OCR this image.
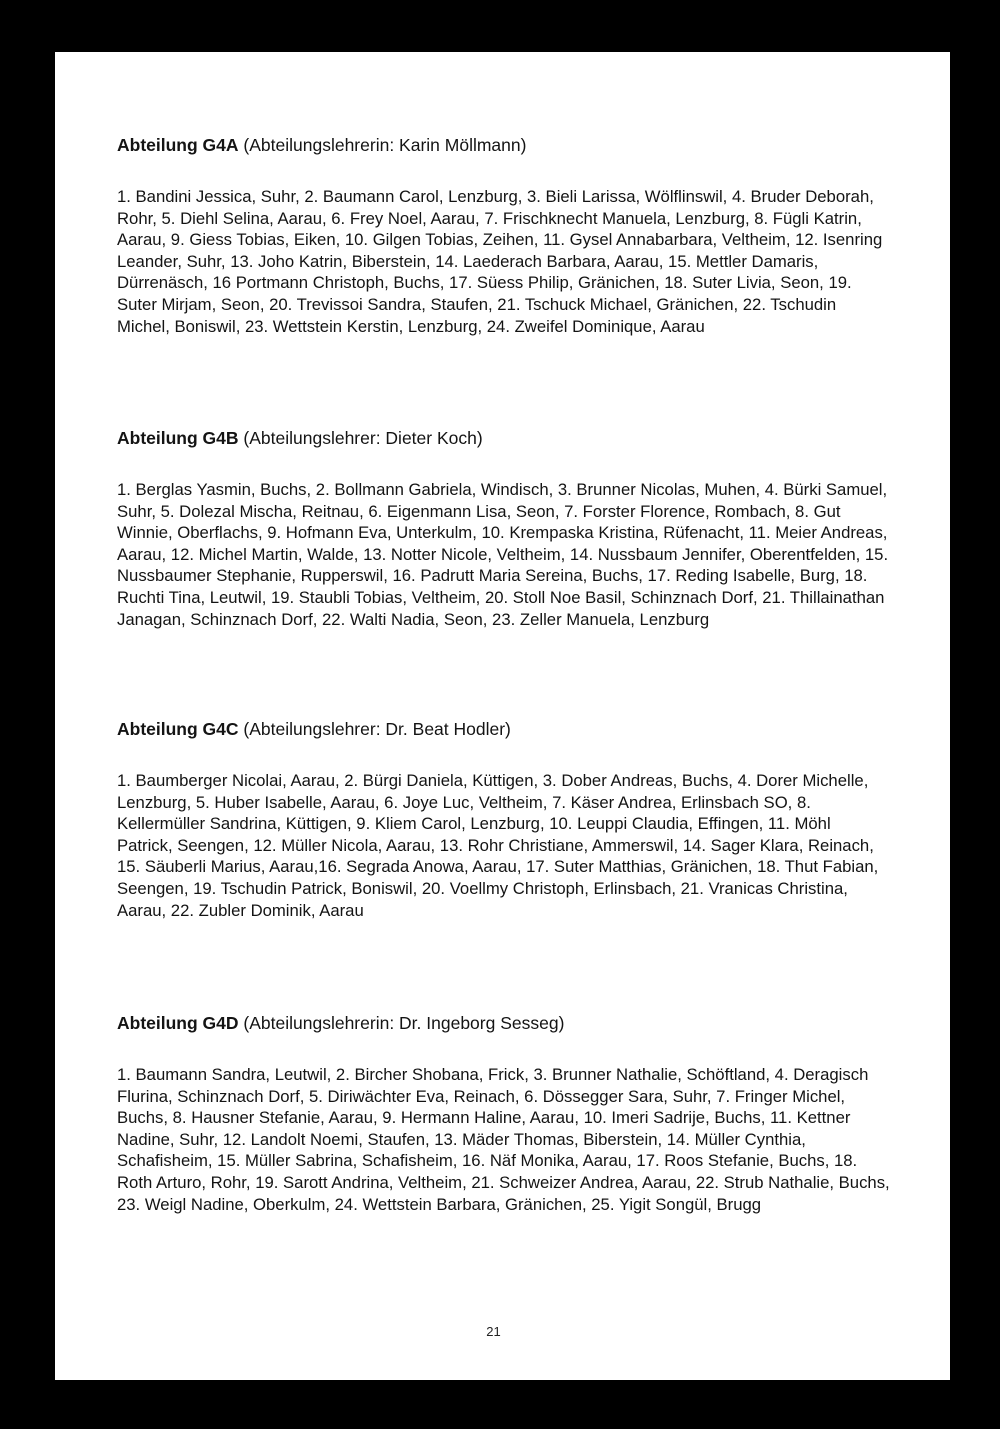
Abteilung G4A (Abteilungslehrerin: Karin Möllmann)

1. Bandini Jessica, Suhr, 2. Baumann Carol, Lenzburg, 3. Bieli Larissa, Wölflinswil, 4. Bruder Deborah, Rohr, 5. Diehl Selina, Aarau, 6. Frey Noel, Aarau, 7. Frischknecht Manuela, Lenzburg, 8. Fügli Katrin, Aarau, 9. Giess Tobias, Eiken, 10. Gilgen Tobias, Zeihen, 11. Gysel Annabarbara, Veltheim, 12. Isenring Leander, Suhr, 13. Joho Katrin, Biberstein, 14. Laederach Barbara, Aarau, 15. Mettler Damaris, Dürrenäsch, 16 Portmann Christoph, Buchs, 17. Süess Philip, Gränichen, 18. Suter Livia, Seon, 19. Suter Mirjam, Seon, 20. Trevissoi Sandra, Staufen, 21. Tschuck Michael, Gränichen, 22. Tschudin Michel, Boniswil, 23. Wettstein Kerstin, Lenzburg, 24. Zweifel Dominique, Aarau

Abteilung G4B (Abteilungslehrer: Dieter Koch)

1. Berglas Yasmin, Buchs, 2. Bollmann Gabriela, Windisch, 3. Brunner Nicolas, Muhen, 4. Bürki Samuel, Suhr, 5. Dolezal Mischa, Reitnau, 6. Eigenmann Lisa, Seon, 7. Forster Florence, Rombach, 8. Gut Winnie, Oberflachs, 9. Hofmann Eva, Unterkulm, 10. Krempaska Kristina, Rüfenacht, 11. Meier Andreas, Aarau, 12. Michel Martin, Walde, 13. Notter Nicole, Veltheim, 14. Nussbaum Jennifer, Oberentfelden, 15. Nussbaumer Stephanie, Rupperswil, 16. Padrutt Maria Sereina, Buchs, 17. Reding Isabelle, Burg, 18. Ruchti Tina, Leutwil, 19. Staubli Tobias, Veltheim, 20. Stoll Noe Basil, Schinznach Dorf, 21. Thillainathan Janagan, Schinznach Dorf, 22. Walti Nadia, Seon, 23. Zeller Manuela, Lenzburg

Abteilung G4C (Abteilungslehrer: Dr. Beat Hodler)

1. Baumberger Nicolai, Aarau, 2. Bürgi Daniela, Küttigen, 3. Dober Andreas, Buchs, 4. Dorer Michelle, Lenzburg, 5. Huber Isabelle, Aarau, 6. Joye Luc, Veltheim, 7. Käser Andrea, Erlinsbach SO, 8. Kellermüller Sandrina, Küttigen, 9. Kliem Carol, Lenzburg, 10. Leuppi Claudia, Effingen, 11. Möhl Patrick, Seengen, 12. Müller Nicola, Aarau, 13. Rohr Christiane, Ammerswil, 14. Sager Klara, Reinach, 15. Säuberli Marius, Aarau,16. Segrada Anowa, Aarau, 17. Suter Matthias, Gränichen, 18. Thut Fabian, Seengen, 19. Tschudin Patrick, Boniswil, 20. Voellmy Christoph, Erlinsbach, 21. Vranicas Christina, Aarau, 22. Zubler Dominik, Aarau

Abteilung G4D (Abteilungslehrerin: Dr. Ingeborg Sesseg)

1. Baumann Sandra, Leutwil, 2. Bircher Shobana, Frick, 3. Brunner Nathalie, Schöftland, 4. Deragisch Flurina, Schinznach Dorf, 5. Diriwächter Eva, Reinach, 6. Dössegger Sara, Suhr, 7. Fringer Michel, Buchs, 8. Hausner Stefanie, Aarau, 9. Hermann Haline, Aarau, 10. Imeri Sadrije, Buchs, 11. Kettner Nadine, Suhr, 12. Landolt Noemi, Staufen, 13. Mäder Thomas, Biberstein, 14. Müller Cynthia, Schafisheim, 15. Müller Sabrina, Schafisheim, 16. Näf Monika, Aarau, 17. Roos Stefanie, Buchs, 18. Roth Arturo, Rohr, 19. Sarott Andrina, Veltheim, 21. Schweizer Andrea, Aarau, 22. Strub Nathalie, Buchs, 23. Weigl Nadine, Oberkulm, 24. Wettstein Barbara, Gränichen, 25. Yigit Songül, Brugg

21
